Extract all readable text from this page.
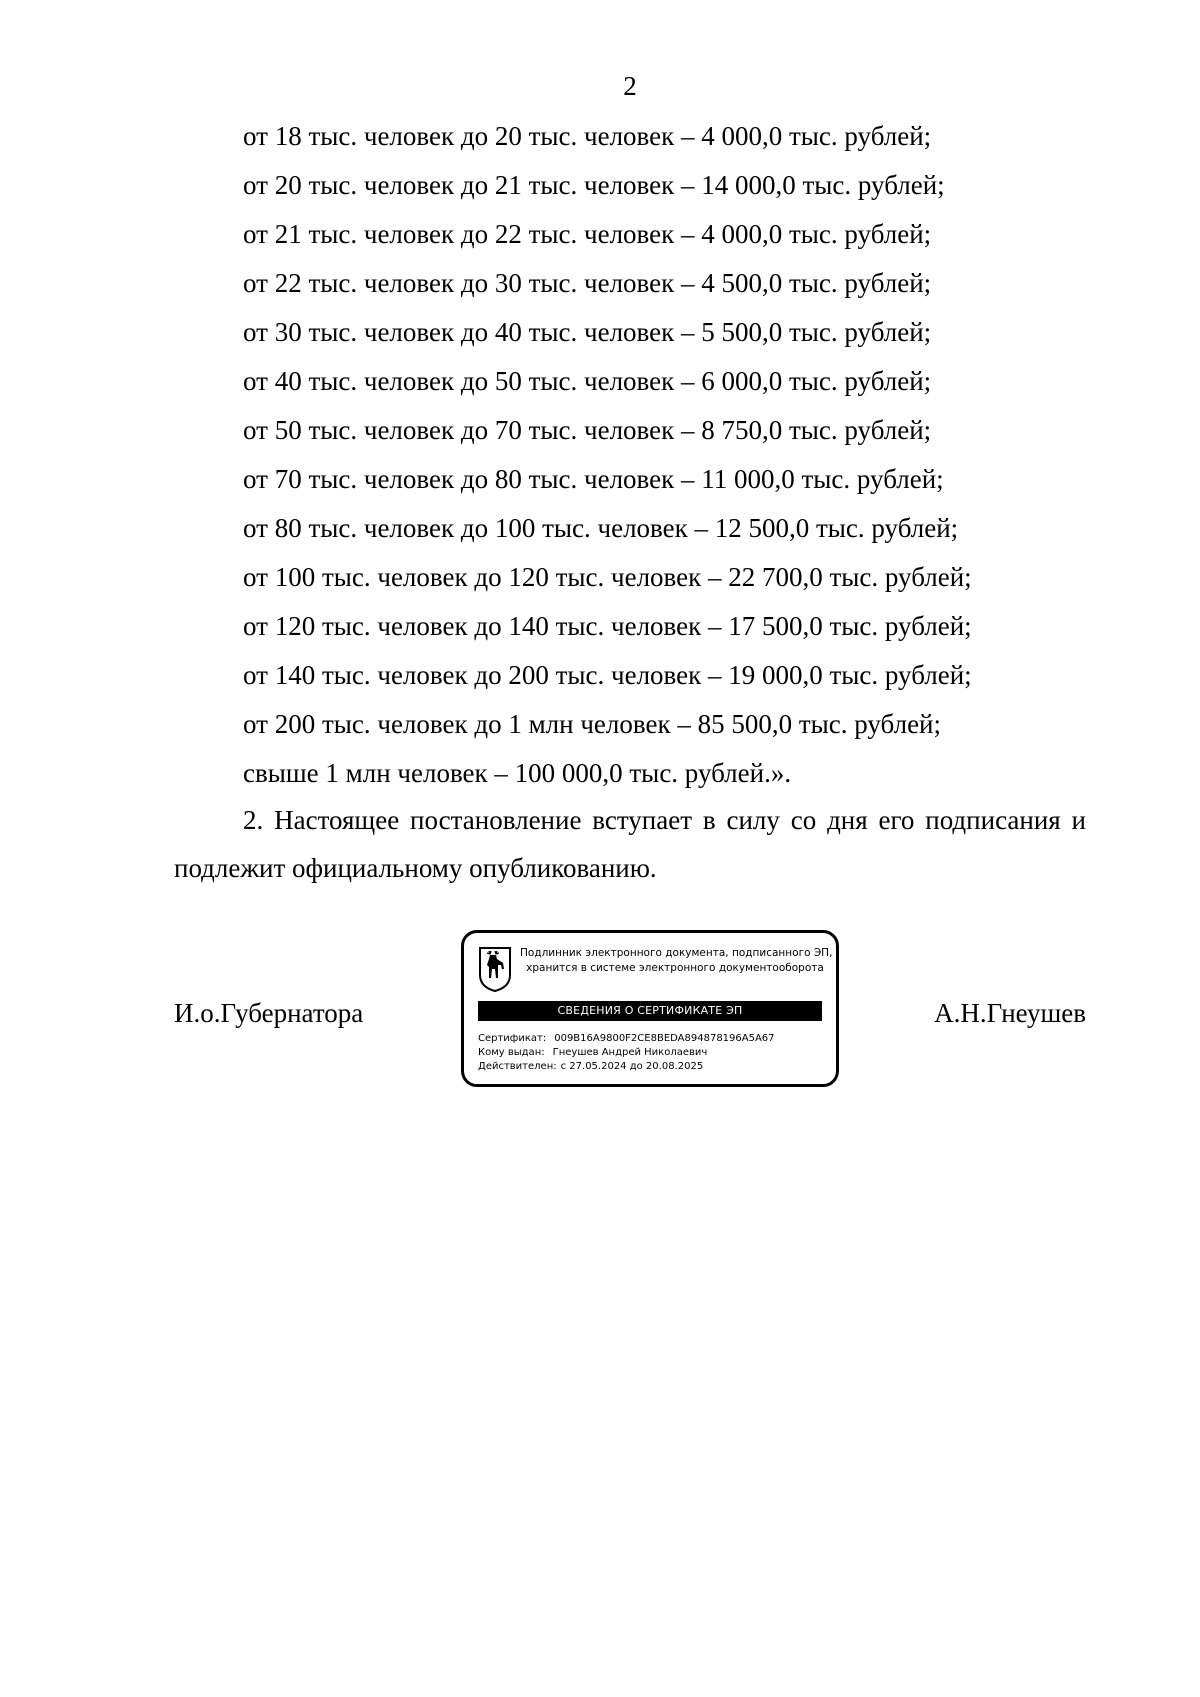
2
от 18 тыс. человек до 20 тыс. человек – 4 000,0 тыс. рублей;
от 20 тыс. человек до 21 тыс. человек – 14 000,0 тыс. рублей;
от 21 тыс. человек до 22 тыс. человек – 4 000,0 тыс. рублей;
от 22 тыс. человек до 30 тыс. человек – 4 500,0 тыс. рублей;
от 30 тыс. человек до 40 тыс. человек – 5 500,0 тыс. рублей;
от 40 тыс. человек до 50 тыс. человек – 6 000,0 тыс. рублей;
от 50 тыс. человек до 70 тыс. человек – 8 750,0 тыс. рублей;
от 70 тыс. человек до 80 тыс. человек – 11 000,0 тыс. рублей;
от 80 тыс. человек до 100 тыс. человек – 12 500,0 тыс. рублей;
от 100 тыс. человек до 120 тыс. человек – 22 700,0 тыс. рублей;
от 120 тыс. человек до 140 тыс. человек – 17 500,0 тыс. рублей;
от 140 тыс. человек до 200 тыс. человек – 19 000,0 тыс. рублей;
от 200 тыс. человек до 1 млн человек – 85 500,0 тыс. рублей;
свыше 1 млн человек – 100 000,0 тыс. рублей.».

2. Настоящее постановление вступает в силу со дня его подписания и подлежит официальному опубликованию.

И.о.Губернатора
Подлинник электронного документа, подписанного ЭП,
хранится в системе электронного документооборота
СВЕДЕНИЯ О СЕРТИФИКАТЕ ЭП
Сертификат: 009B16A9800F2CE8BEDA894878196A5A67
Кому выдан: Гнеушев Андрей Николаевич
Действителен: с 27.05.2024 до 20.08.2025
А.Н.Гнеушев
